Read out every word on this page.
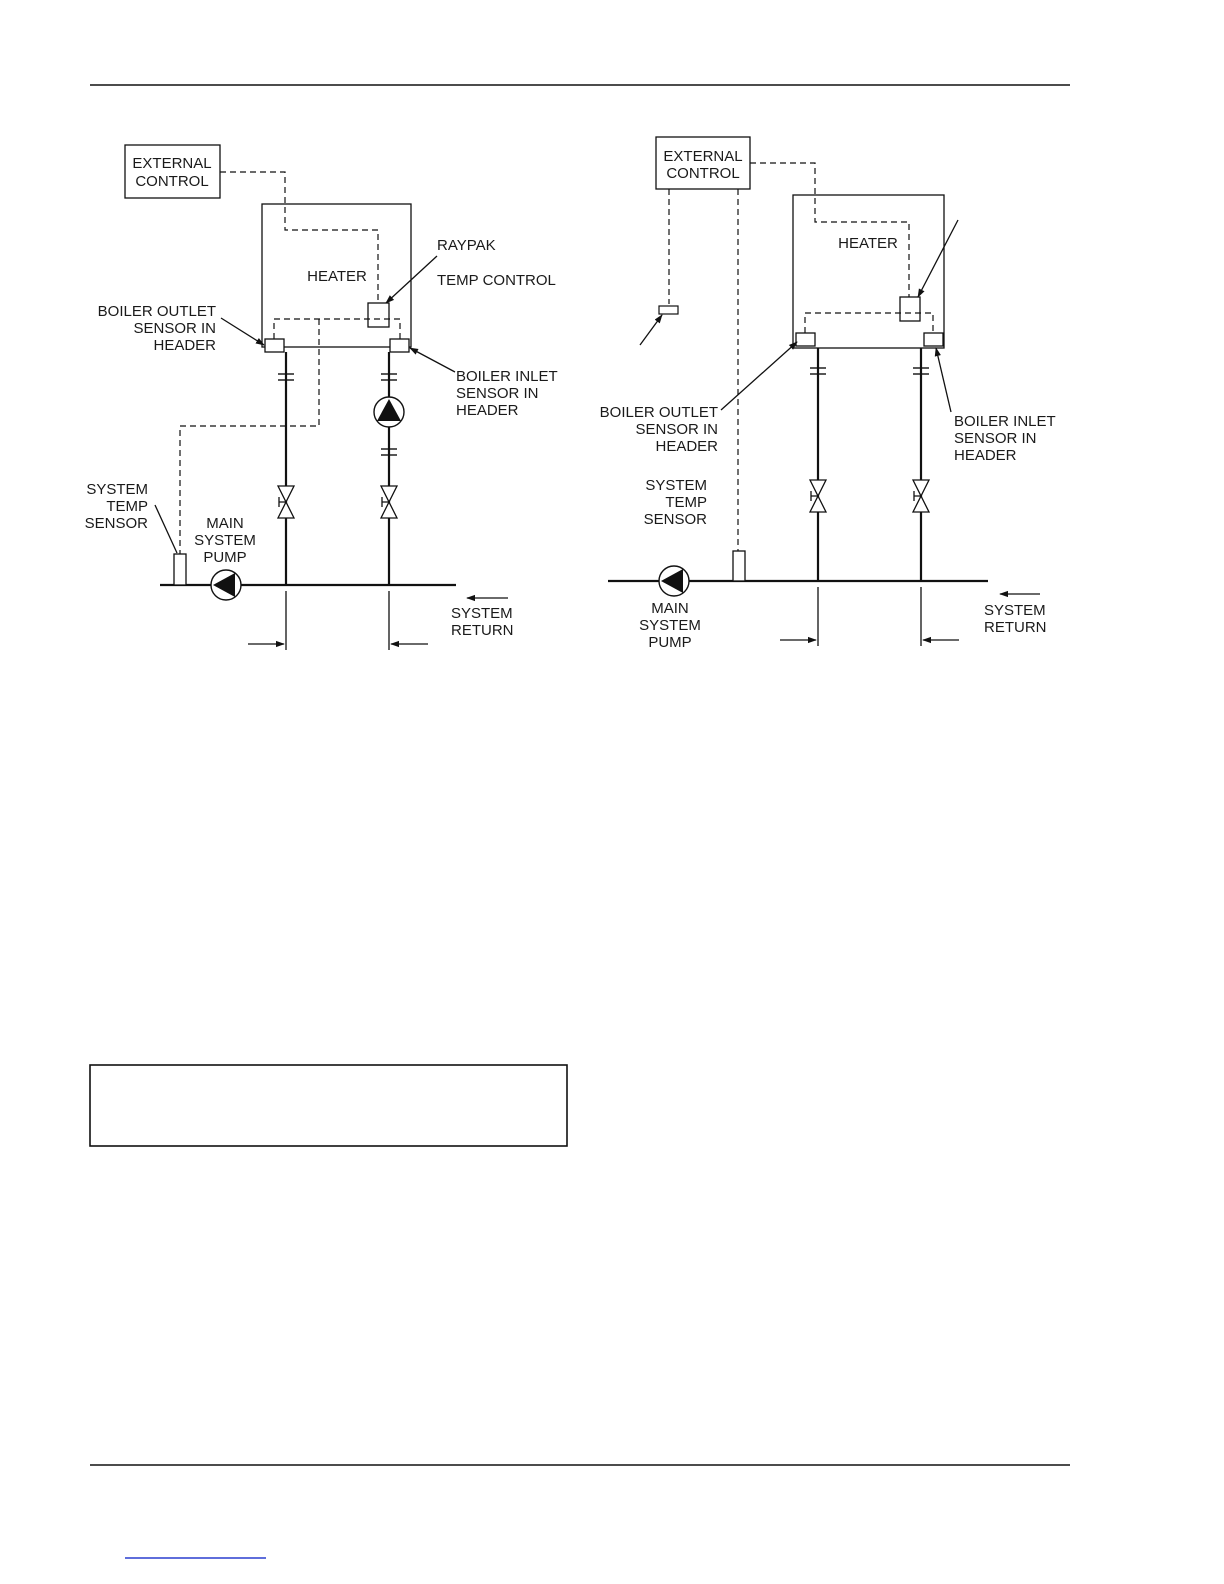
EXTERNAL
CONTROL
HEATER
RAYPAK
TEMP CONTROL
BOILER OUTLET
SENSOR IN
HEADER
BOILER INLET
SENSOR IN
HEADER
SYSTEM
TEMP
SENSOR	MAIN
SYSTEM
PUMP
SYSTEM
RETURN
EXTERNAL
CONTROL
HEATER
BOILER OUTLET
SENSOR IN
HEADER
BOILER INLET
SENSOR IN
HEADER
SYSTEM
TEMP
SENSOR
MAIN
SYSTEM
PUMP
SYSTEM
RETURN
